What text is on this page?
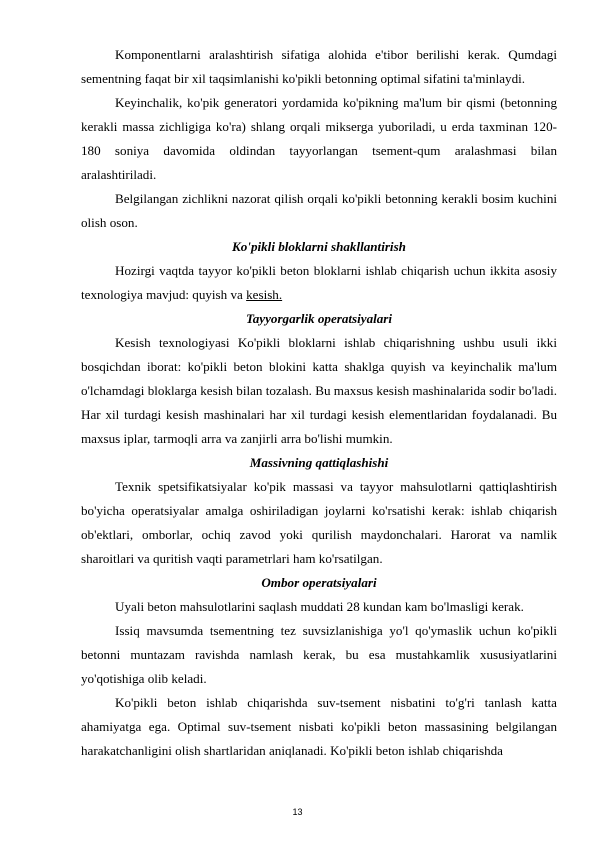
Komponentlarni aralashtirish sifatiga alohida e'tibor berilishi kerak. Qumdagi sementning faqat bir xil taqsimlanishi ko'pikli betonning optimal sifatini ta'minlaydi.

Keyinchalik, ko'pik generatori yordamida ko'pikning ma'lum bir qismi (betonning kerakli massa zichligiga ko'ra) shlang orqali mikserga yuboriladi, u erda taxminan 120-180 soniya davomida oldindan tayyorlangan tsement-qum aralashmasi bilan aralashtiriladi.

Belgilangan zichlikni nazorat qilish orqali ko'pikli betonning kerakli bosim kuchini olish oson.

Ko'pikli bloklarni shakllantirish

Hozirgi vaqtda tayyor ko'pikli beton bloklarni ishlab chiqarish uchun ikkita asosiy texnologiya mavjud: quyish va kesish.

Tayyorgarlik operatsiyalari

Kesish texnologiyasi Ko'pikli bloklarni ishlab chiqarishning ushbu usuli ikki bosqichdan iborat: ko'pikli beton blokini katta shaklga quyish va keyinchalik ma'lum o'lchamdagi bloklarga kesish bilan tozalash. Bu maxsus kesish mashinalarida sodir bo'ladi. Har xil turdagi kesish mashinalari har xil turdagi kesish elementlaridan foydalanadi. Bu maxsus iplar, tarmoqli arra va zanjirli arra bo'lishi mumkin.

Massivning qattiqlashishi

Texnik spetsifikatsiyalar ko'pik massasi va tayyor mahsulotlarni qattiqlashtirish bo'yicha operatsiyalar amalga oshiriladigan joylarni ko'rsatishi kerak: ishlab chiqarish ob'ektlari, omborlar, ochiq zavod yoki qurilish maydonchalari. Harorat va namlik sharoitlari va quritish vaqti parametrlari ham ko'rsatilgan.

Ombor operatsiyalari

Uyali beton mahsulotlarini saqlash muddati 28 kundan kam bo'lmasligi kerak.

Issiq mavsumda tsementning tez suvsizlanishiga yo'l qo'ymaslik uchun ko'pikli betonni muntazam ravishda namlash kerak, bu esa mustahkamlik xususiyatlarini yo'qotishiga olib keladi.

Ko'pikli beton ishlab chiqarishda suv-tsement nisbatini to'g'ri tanlash katta ahamiyatga ega. Optimal suv-tsement nisbati ko'pikli beton massasining belgilangan harakatchanligini olish shartlaridan aniqlanadi. Ko'pikli beton ishlab chiqarishda

13
